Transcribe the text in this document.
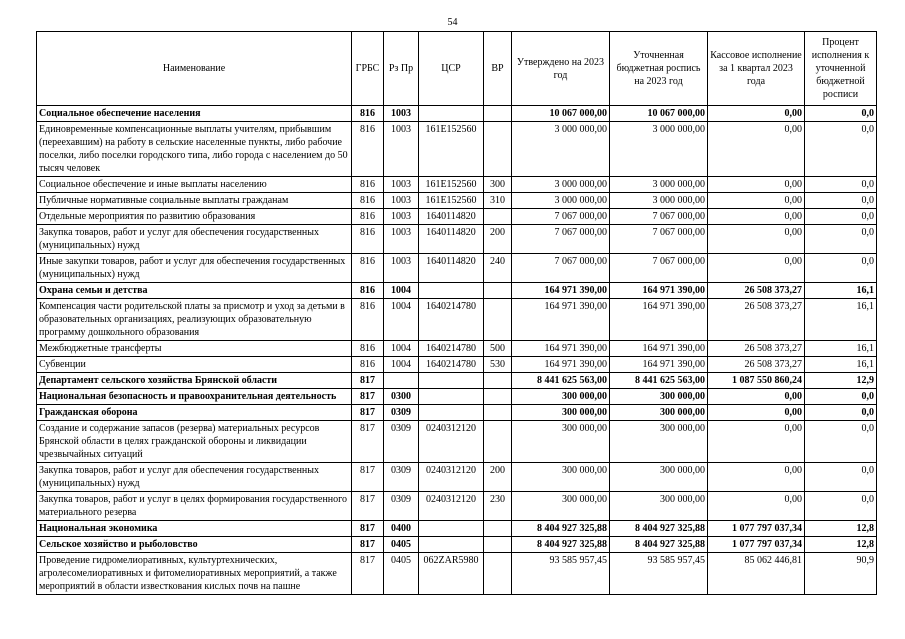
54
Наименование	ГРБС	Рз Пр	ЦСР	ВР	Утверждено на 2023 год	Уточненная бюджетная роспись на 2023 год	Кассовое исполнение за 1 квартал 2023 года	Процент исполнения к уточненной бюджетной росписи
Социальное обеспечение населения	816	1003			10 067 000,00	10 067 000,00	0,00	0,0
Единовременные компенсационные выплаты учителям, прибывшим (переехавшим) на работу в сельские населенные пункты, либо рабочие поселки, либо поселки городского типа, либо города с населением до 50 тысяч человек	816	1003	161E152560		3 000 000,00	3 000 000,00	0,00	0,0
Социальное обеспечение и иные выплаты населению	816	1003	161E152560	300	3 000 000,00	3 000 000,00	0,00	0,0
Публичные нормативные социальные выплаты гражданам	816	1003	161E152560	310	3 000 000,00	3 000 000,00	0,00	0,0
Отдельные мероприятия по развитию образования	816	1003	1640114820		7 067 000,00	7 067 000,00	0,00	0,0
Закупка товаров, работ и услуг для обеспечения государственных (муниципальных) нужд	816	1003	1640114820	200	7 067 000,00	7 067 000,00	0,00	0,0
Иные закупки товаров, работ и услуг для обеспечения государственных (муниципальных) нужд	816	1003	1640114820	240	7 067 000,00	7 067 000,00	0,00	0,0
Охрана семьи и детства	816	1004			164 971 390,00	164 971 390,00	26 508 373,27	16,1
Компенсация части родительской платы за присмотр и уход за детьми в образовательных организациях, реализующих образовательную программу дошкольного образования	816	1004	1640214780		164 971 390,00	164 971 390,00	26 508 373,27	16,1
Межбюджетные трансферты	816	1004	1640214780	500	164 971 390,00	164 971 390,00	26 508 373,27	16,1
Субвенции	816	1004	1640214780	530	164 971 390,00	164 971 390,00	26 508 373,27	16,1
Департамент сельского хозяйства Брянской области	817				8 441 625 563,00	8 441 625 563,00	1 087 550 860,24	12,9
Национальная безопасность и правоохранительная деятельность	817	0300			300 000,00	300 000,00	0,00	0,0
Гражданская оборона	817	0309			300 000,00	300 000,00	0,00	0,0
Создание и содержание запасов (резерва) материальных ресурсов Брянской области в целях гражданской обороны и ликвидации чрезвычайных ситуаций	817	0309	0240312120		300 000,00	300 000,00	0,00	0,0
Закупка товаров, работ и услуг для обеспечения государственных (муниципальных) нужд	817	0309	0240312120	200	300 000,00	300 000,00	0,00	0,0
Закупка товаров, работ и услуг в целях формирования государственного материального резерва	817	0309	0240312120	230	300 000,00	300 000,00	0,00	0,0
Национальная экономика	817	0400			8 404 927 325,88	8 404 927 325,88	1 077 797 037,34	12,8
Сельское хозяйство и рыболовство	817	0405			8 404 927 325,88	8 404 927 325,88	1 077 797 037,34	12,8
Проведение гидромелиоративных, культуртехнических, агролесомелиоративных и фитомелиоративных мероприятий, а также мероприятий в области известкования кислых почв на пашне	817	0405	062ZAR5980		93 585 957,45	93 585 957,45	85 062 446,81	90,9
